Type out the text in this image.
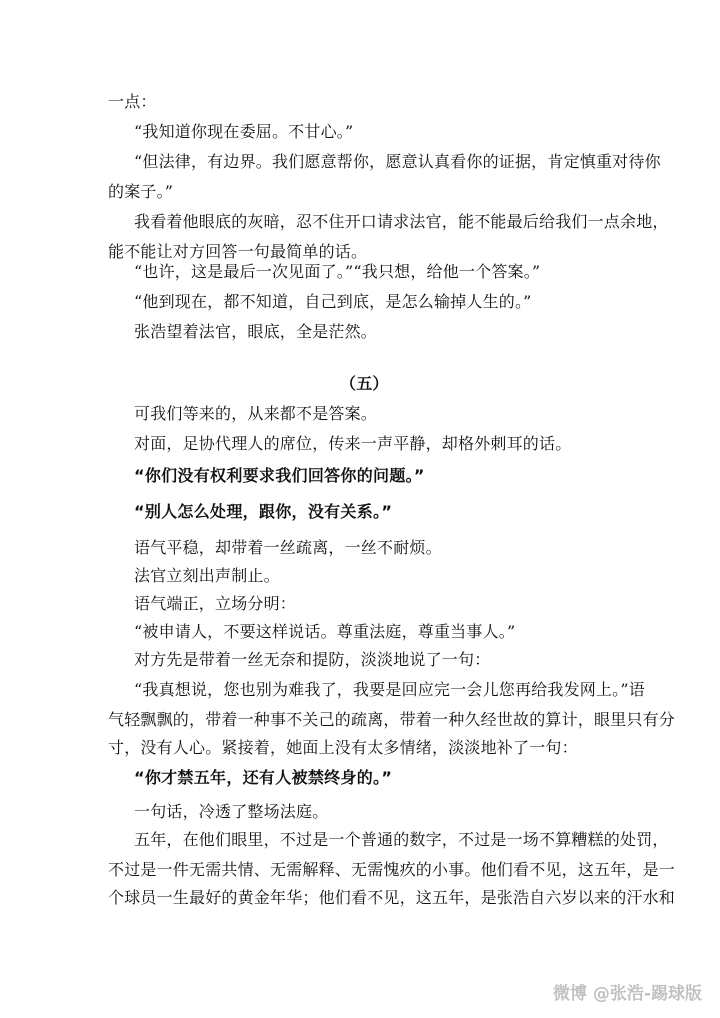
一点：
“我知道你现在委屈。不甘心。”
“但法律，有边界。我们愿意帮你，愿意认真看你的证据，肯定慎重对待你
的案子。”
我看着他眼底的灰暗，忍不住开口请求法官，能不能最后给我们一点余地，
能不能让对方回答一句最简单的话。
“也许，这是最后一次见面了。”“我只想，给他一个答案。”
“他到现在，都不知道，自己到底，是怎么输掉人生的。”
张浩望着法官，眼底，全是茫然。
（五）
可我们等来的，从来都不是答案。
对面，足协代理人的席位，传来一声平静，却格外刺耳的话。
“你们没有权利要求我们回答你的问题。”
“别人怎么处理，跟你，没有关系。”
语气平稳，却带着一丝疏离，一丝不耐烦。
法官立刻出声制止。
语气端正，立场分明：
“被申请人，不要这样说话。尊重法庭，尊重当事人。”
对方先是带着一丝无奈和提防，淡淡地说了一句：
“我真想说，您也别为难我了，我要是回应完一会儿您再给我发网上。”语
气轻飘飘的，带着一种事不关己的疏离，带着一种久经世故的算计，眼里只有分
寸，没有人心。紧接着，她面上没有太多情绪，淡淡地补了一句：
“你才禁五年，还有人被禁终身的。”
一句话，冷透了整场法庭。
五年，在他们眼里，不过是一个普通的数字，不过是一场不算糟糕的处罚，
不过是一件无需共情、无需解释、无需愧疚的小事。他们看不见，这五年，是一
个球员一生最好的黄金年华；他们看不见，这五年，是张浩自六岁以来的汗水和
微博 @张浩-踢球版
